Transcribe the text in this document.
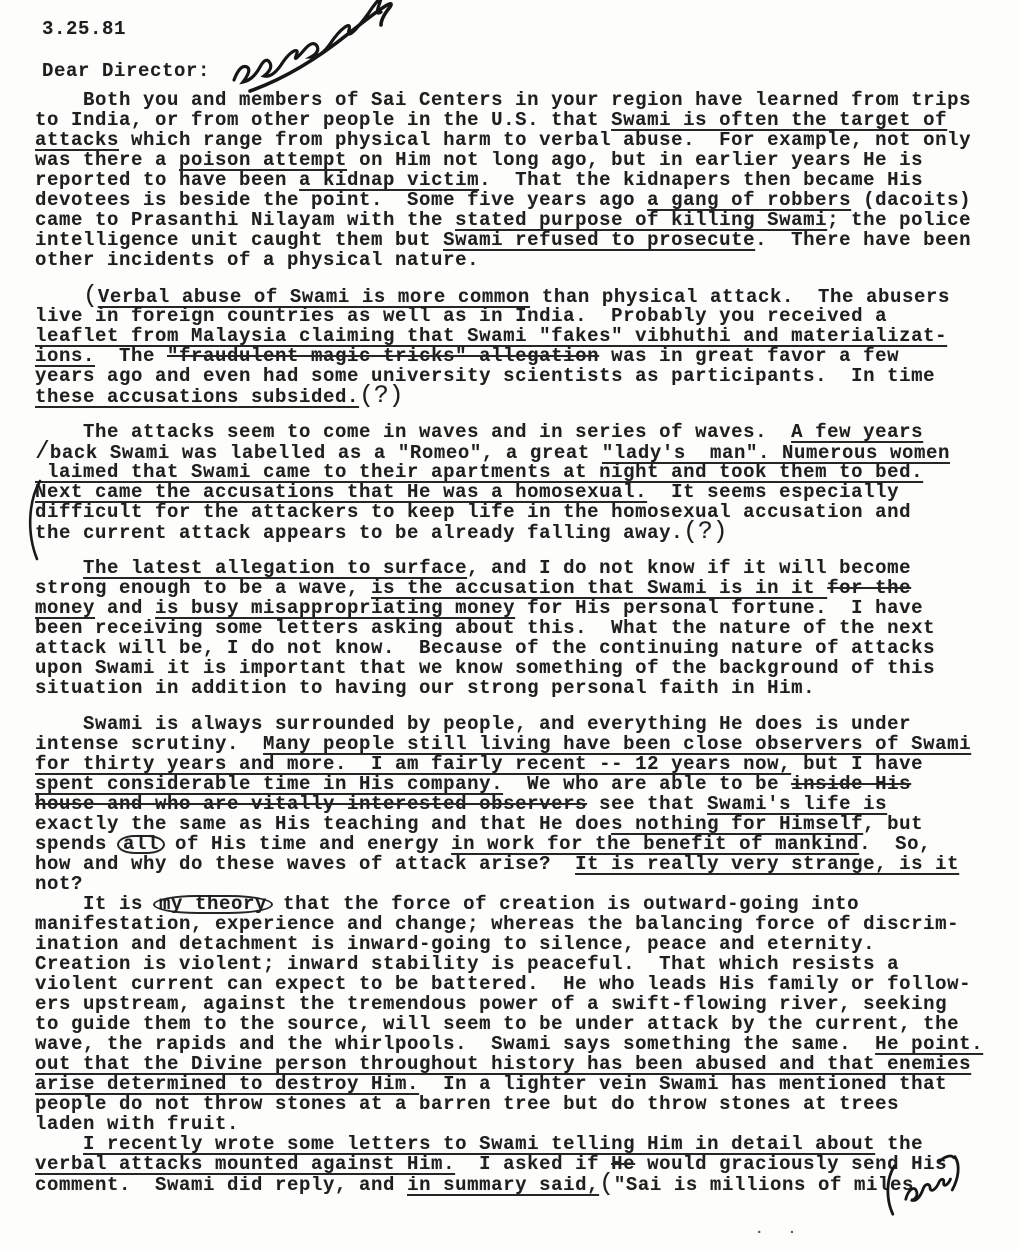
3.25.81
Dear Director:
Both you and members of Sai Centers in your region have learned from trips
to India, or from other people in the U.S. that Swami is often the target of
attacks which range from physical harm to verbal abuse.  For example, not only
was there a poison attempt on Him not long ago, but in earlier years He is
reported to have been a kidnap victim.  That the kidnapers then became His
devotees is beside the point.  Some five years ago a gang of robbers (dacoits)
came to Prasanthi Nilayam with the stated purpose of killing Swami; the police
intelligence unit caught them but Swami refused to prosecute.  There have been
other incidents of a physical nature.
(Verbal abuse of Swami is more common than physical attack.  The abusers
live in foreign countries as well as in India.  Probably you received a
leaflet from Malaysia claiming that Swami "fakes" vibhuthi and materializat-
ions.  The "fraudulent magic tricks" allegation was in great favor a few
years ago and even had some university scientists as participants.  In time
these accusations subsided.(?)
The attacks seem to come in waves and in series of waves.  A few years
/back Swami was labelled as a "Romeo", a great "lady's  man". Numerous women
laimed that Swami came to their apartments at night and took them to bed.
Next came the accusations that He was a homosexual.  It seems especially
difficult for the attackers to keep life in the homosexual accusation and
the current attack appears to be already falling away.(?)
The latest allegation to surface, and I do not know if it will become
strong enough to be a wave, is the accusation that Swami is in it for the
money and is busy misappropriating money for His personal fortune.  I have
been receiving some letters asking about this.  What the nature of the next
attack will be, I do not know.  Because of the continuing nature of attacks
upon Swami it is important that we know something of the background of this
situation in addition to having our strong personal faith in Him.
Swami is always surrounded by people, and everything He does is under
intense scrutiny.  Many people still living have been close observers of Swami
for thirty years and more.  I am fairly recent -- 12 years now, but I have
spent considerable time in His company.  We who are able to be inside His
house and who are vitally interested observers see that Swami's life is
exactly the same as His teaching and that He does nothing for Himself, but
spends all of His time and energy in work for the benefit of mankind.  So,
how and why do these waves of attack arise?  It is really very strange, is it
not?
It is my theory that the force of creation is outward-going into
manifestation, experience and change; whereas the balancing force of discrim-
ination and detachment is inward-going to silence, peace and eternity.
Creation is violent; inward stability is peaceful.  That which resists a
violent current can expect to be battered.  He who leads His family or follow-
ers upstream, against the tremendous power of a swift-flowing river, seeking
to guide them to the source, will seem to be under attack by the current, the
wave, the rapids and the whirlpools.  Swami says something the same.  He point.
out that the Divine person throughout history has been abused and that enemies
arise determined to destroy Him.  In a lighter vein Swami has mentioned that
people do not throw stones at a barren tree but do throw stones at trees
laden with fruit.
I recently wrote some letters to Swami telling Him in detail about the
verbal attacks mounted against Him.  I asked if He would graciously send His
comment.  Swami did reply, and in summary said,("Sai is millions of miles
. .
